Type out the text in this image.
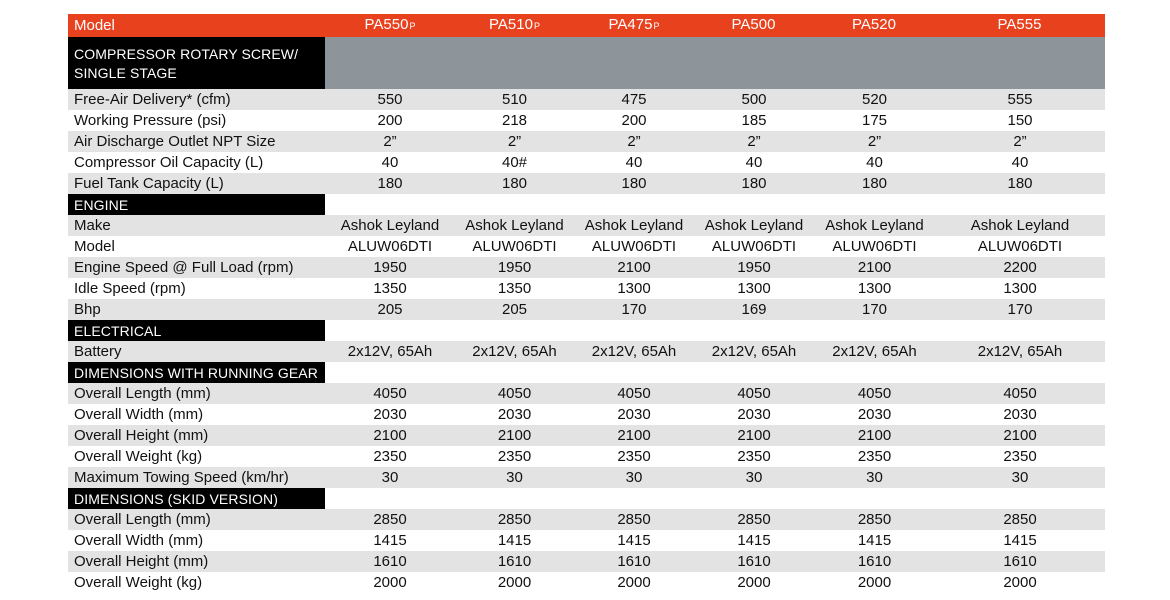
Model	PA550P	PA510P	PA475P	PA500	PA520	PA555

COMPRESSOR ROTARY SCREW/
SINGLE STAGE						

Free-Air Delivery* (cfm)	550	510	475	500	520	555
Working Pressure (psi)	200	218	200	185	175	150
Air Discharge Outlet NPT Size	2”	2”	2”	2”	2”	2”
Compressor Oil Capacity (L)	40	40#	40	40	40	40
Fuel Tank Capacity (L)	180	180	180	180	180	180
ENGINE						
Make	Ashok Leyland	Ashok Leyland	Ashok Leyland	Ashok Leyland	Ashok Leyland	Ashok Leyland
Model	ALUW06DTI	ALUW06DTI	ALUW06DTI	ALUW06DTI	ALUW06DTI	ALUW06DTI
Engine Speed @ Full Load (rpm)	1950	1950	2100	1950	2100	2200
Idle Speed (rpm)	1350	1350	1300	1300	1300	1300
Bhp	205	205	170	169	170	170
ELECTRICAL						
Battery	2x12V, 65Ah	2x12V, 65Ah	2x12V, 65Ah	2x12V, 65Ah	2x12V, 65Ah	2x12V, 65Ah
DIMENSIONS WITH RUNNING GEAR						
Overall Length (mm)	4050	4050	4050	4050	4050	4050
Overall Width (mm)	2030	2030	2030	2030	2030	2030
Overall Height (mm)	2100	2100	2100	2100	2100	2100
Overall Weight (kg)	2350	2350	2350	2350	2350	2350
Maximum Towing Speed (km/hr)	30	30	30	30	30	30
DIMENSIONS (SKID VERSION)						
Overall Length (mm)	2850	2850	2850	2850	2850	2850
Overall Width (mm)	1415	1415	1415	1415	1415	1415
Overall Height (mm)	1610	1610	1610	1610	1610	1610
Overall Weight (kg)	2000	2000	2000	2000	2000	2000
